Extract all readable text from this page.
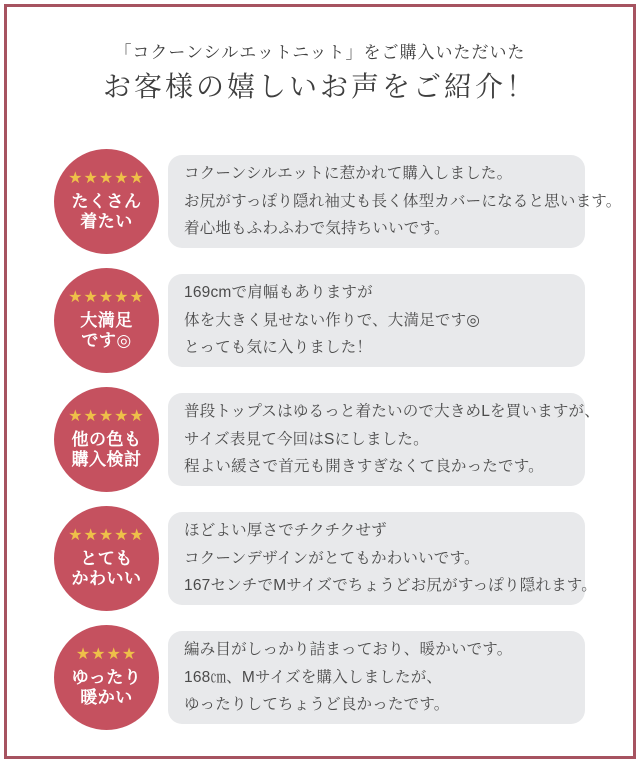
「コクーンシルエットニット」をご購入いただいた
お客様の嬉しいお声をご紹介！
★★★★★
たくさん
着たい

コクーンシルエットに惹かれて購入しました。

お尻がすっぽり隠れ袖丈も長く体型カバーになると思います。

着心地もふわふわで気持ちいいです。

★★★★★
大満足
です◎

169cmで肩幅もありますが

体を大きく見せない作りで、大満足です◎

とっても気に入りました！

★★★★★
他の色も
購入検討

普段トップスはゆるっと着たいので大きめLを買いますが、

サイズ表見て今回はSにしました。

程よい緩さで首元も開きすぎなくて良かったです。

★★★★★
とても
かわいい

ほどよい厚さでチクチクせず

コクーンデザインがとてもかわいいです。

167センチでMサイズでちょうどお尻がすっぽり隠れます。

★★★★
ゆったり
暖かい

編み目がしっかり詰まっており、暖かいです。

168㎝、Mサイズを購入しましたが、

ゆったりしてちょうど良かったです。
